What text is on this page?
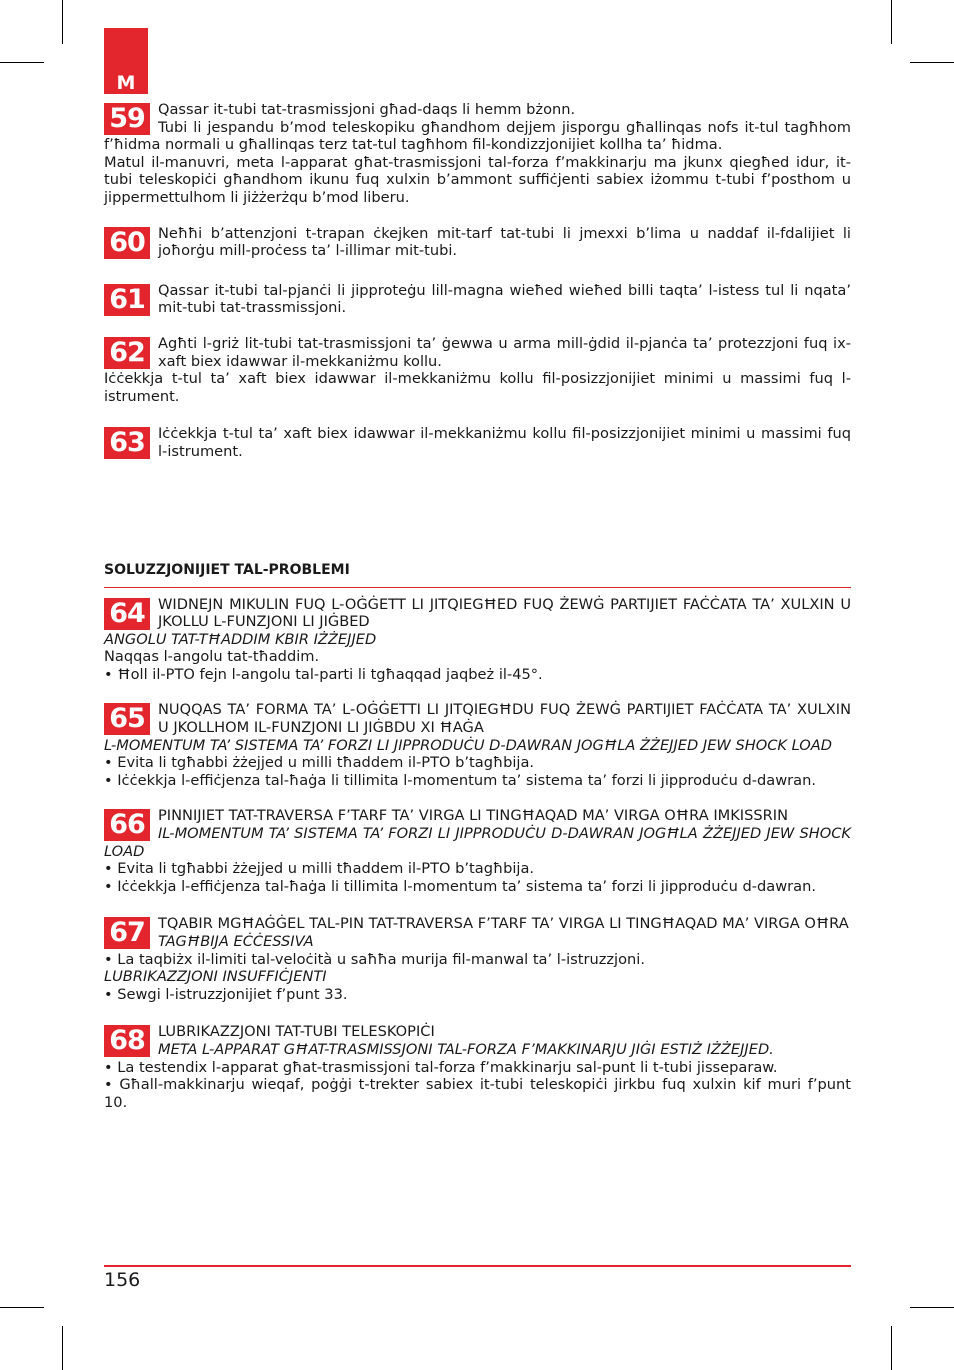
M
59 Qassar it-tubi tat-trasmissjoni għad-daqs li hemm bżonn.

Tubi li jespandu b’mod teleskopiku għandhom dejjem jisporgu għallinqas nofs it-tul tagħhom f’ħidma normali u għallinqas terz tat-tul tagħhom fil-kondizzjonijiet kollha ta’ ħidma.

Matul il-manuvri, meta l-apparat għat-trasmissjoni tal-forza f’makkinarju ma jkunx qiegħed idur, it-tubi teleskopiċi għandhom ikunu fuq xulxin b’ammont suffiċjenti sabiex iżommu t-tubi f’posthom u jippermettulhom li jiżżerżqu b’mod liberu.

60 Neħħi b’attenzjoni t-trapan ċkejken mit-tarf tat-tubi li jmexxi b’lima u naddaf il-fdalijiet li joħorġu mill-proċess ta’ l-illimar mit-tubi.

61 Qassar it-tubi tal-pjanċi li jipproteġu lill-magna wieħed wieħed billi taqta’ l-istess tul li nqata’ mit-tubi tat-trassmissjoni.

62 Agħti l-griż lit-tubi tat-trasmissjoni ta’ ġewwa u arma mill-ġdid il-pjanċa ta’ protezzjoni fuq ix-xaft biex idawwar il-mekkaniżmu kollu.

Iċċekkja t-tul ta’ xaft biex idawwar il-mekkaniżmu kollu fil-posizzjonijiet minimi u massimi fuq l-istrument.

63 Iċċekkja t-tul ta’ xaft biex idawwar il-mekkaniżmu kollu fil-posizzjonijiet minimi u massimi fuq l-istrument.

SOLUZZJONIJIET TAL-PROBLEMI
64 WIDNEJN MIKULIN FUQ L-OĠĠETT LI JITQIEGĦED FUQ ŻEWĠ PARTIJIET FAĊĊATA TA’ XULXIN U JKOLLU L-FUNZJONI LI JIĠBED

ANGOLU TAT-TĦADDIM KBIR IŻŻEJJED

Naqqas l-angolu tat-tħaddim.

• Ħoll il-PTO fejn l-angolu tal-parti li tgħaqqad jaqbeż il-45°.

65 NUQQAS TA’ FORMA TA’ L-OĠĠETTI LI JITQIEGĦDU FUQ ŻEWĠ PARTIJIET FAĊĊATA TA’ XULXIN U JKOLLHOM IL-FUNZJONI LI JIĠBDU XI ĦAĠA

L-MOMENTUM TA’ SISTEMA TA’ FORZI LI JIPPRODUĊU D-DAWRAN JOGĦLA ŻŻEJJED JEW SHOCK LOAD

• Evita li tgħabbi żżejjed u milli tħaddem il-PTO b’tagħbija.

• Iċċekkja l-effiċjenza tal-ħaġa li tillimita l-momentum ta’ sistema ta’ forzi li jipproduċu d-dawran.

66 PINNIJIET TAT-TRAVERSA F’TARF TA’ VIRGA LI TINGĦAQAD MA’ VIRGA OĦRA IMKISSRIN

IL-MOMENTUM TA’ SISTEMA TA’ FORZI LI JIPPRODUĊU D-DAWRAN JOGĦLA ŻŻEJJED JEW SHOCK LOAD

• Evita li tgħabbi żżejjed u milli tħaddem il-PTO b’tagħbija.

• Iċċekkja l-effiċjenza tal-ħaġa li tillimita l-momentum ta’ sistema ta’ forzi li jipproduċu d-dawran.

67 TQABIR MGĦAĠĠEL TAL-PIN TAT-TRAVERSA F’TARF TA’ VIRGA LI TINGĦAQAD MA’ VIRGA OĦRA

TAGĦBIJA EĊĊESSIVA

• La taqbiżx il-limiti tal-veloċità u saħħa murija fil-manwal ta’ l-istruzzjoni.

LUBRIKAZZJONI INSUFFIĊJENTI

• Sewgi l-istruzzjonijiet f’punt 33.

68 LUBRIKAZZJONI TAT-TUBI TELESKOPIĊI

META L-APPARAT GĦAT-TRASMISSJONI TAL-FORZA F’MAKKINARJU JIĠI ESTIŻ IŻŻEJJED.

• La testendix l-apparat għat-trasmissjoni tal-forza f’makkinarju sal-punt li t-tubi jisseparaw.

• Għall-makkinarju wieqaf, poġġi t-trekter sabiex it-tubi teleskopiċi jirkbu fuq xulxin kif muri f’punt 10.

156
